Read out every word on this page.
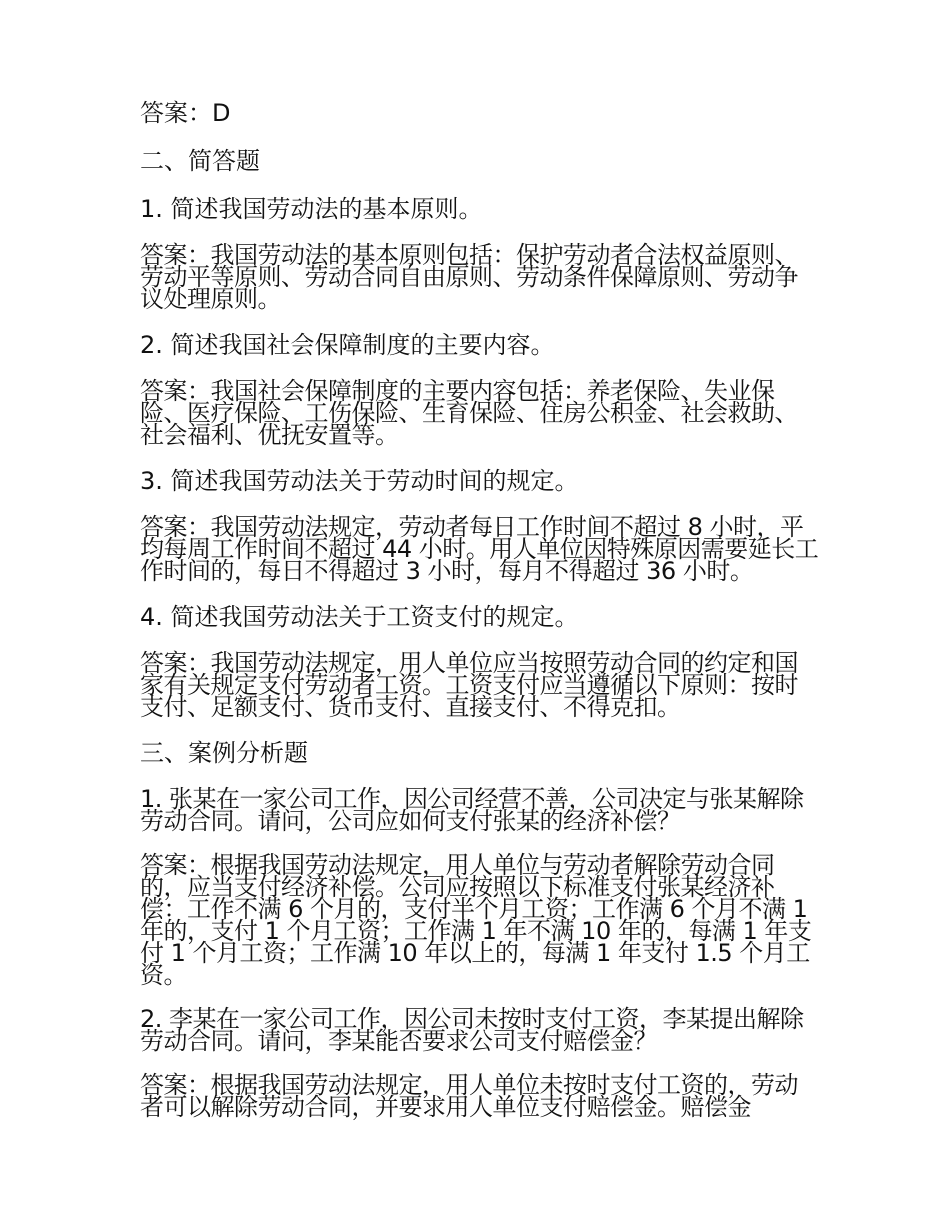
答案：D
二、简答题
1. 简述我国劳动法的基本原则。
答案：我国劳动法的基本原则包括：保护劳动者合法权益原则、劳动平等原则、劳动合同自由原则、劳动条件保障原则、劳动争议处理原则。
2. 简述我国社会保障制度的主要内容。
答案：我国社会保障制度的主要内容包括：养老保险、失业保险、医疗保险、工伤保险、生育保险、住房公积金、社会救助、社会福利、优抚安置等。
3. 简述我国劳动法关于劳动时间的规定。
答案：我国劳动法规定，劳动者每日工作时间不超过 8 小时，平均每周工作时间不超过 44 小时。用人单位因特殊原因需要延长工作时间的，每日不得超过 3 小时，每月不得超过 36 小时。
4. 简述我国劳动法关于工资支付的规定。
答案：我国劳动法规定，用人单位应当按照劳动合同的约定和国家有关规定支付劳动者工资。工资支付应当遵循以下原则：按时支付、足额支付、货币支付、直接支付、不得克扣。
三、案例分析题
1. 张某在一家公司工作，因公司经营不善，公司决定与张某解除劳动合同。请问，公司应如何支付张某的经济补偿？
答案：根据我国劳动法规定，用人单位与劳动者解除劳动合同的，应当支付经济补偿。公司应按照以下标准支付张某经济补偿：工作不满 6 个月的，支付半个月工资；工作满 6 个月不满 1 年的，支付 1 个月工资；工作满 1 年不满 10 年的，每满 1 年支付 1 个月工资；工作满 10 年以上的，每满 1 年支付 1.5 个月工资。
2. 李某在一家公司工作，因公司未按时支付工资，李某提出解除劳动合同。请问，李某能否要求公司支付赔偿金？
答案：根据我国劳动法规定，用人单位未按时支付工资的，劳动者可以解除劳动合同，并要求用人单位支付赔偿金。赔偿金
